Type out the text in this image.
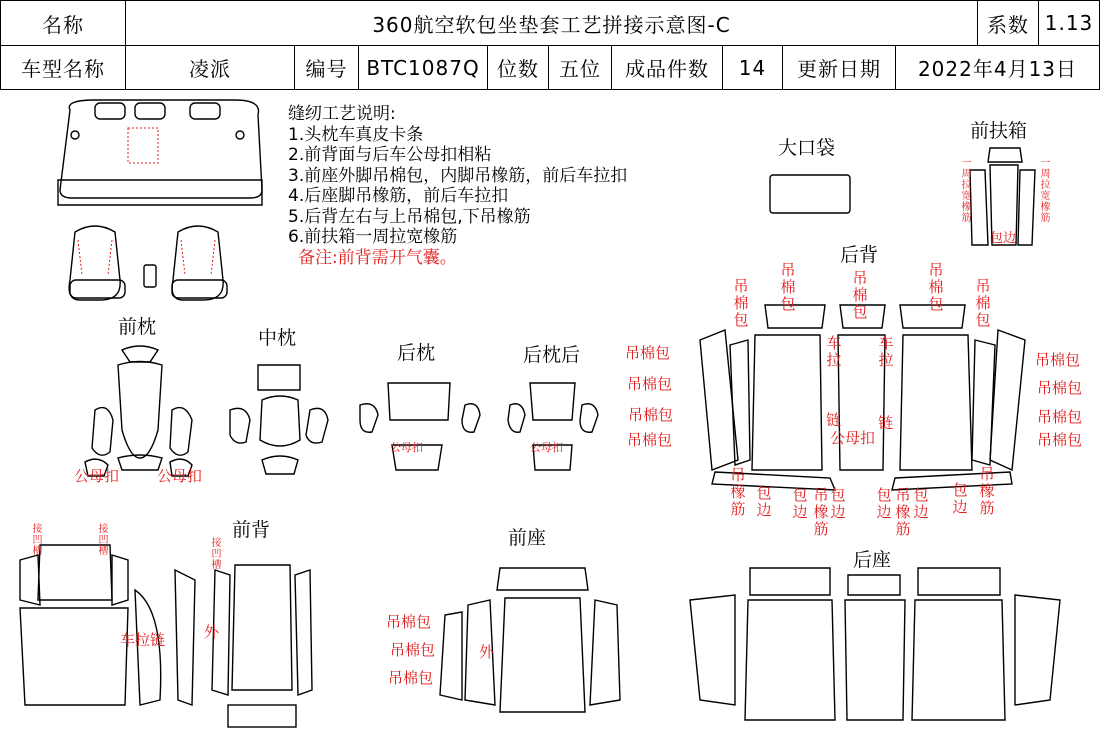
名称	360航空软包坐垫套工艺拼接示意图-C	系数 1.13
车型名称	凌派	编号 BTC1087Q 位数	五位	成品件数	14	更新日期	2022年4月13日
缝纫工艺说明:
1.头枕车真皮卡条
2.前背面与后车公母扣相粘
3.前座外脚吊棉包，内脚吊橡筋，前后车拉扣
4.后座脚吊橡筋，前后车拉扣
5.后背左右与上吊棉包,下吊橡筋
6.前扶箱一周拉宽橡筋
备注:前背需开气囊。
前枕	中枕
后枕	后枕后
大口袋
前扶箱
后背
前背	前座
后座
公母扣	公母扣
公母扣	公母扣
公母扣
一周拉宽橡筋
一周拉宽橡筋
包边
吊棉包
吊棉包
吊棉包
吊棉包
吊棉包
车拉
车拉
链 链
吊棉包
吊棉包
吊棉包
吊棉包
吊棉包
吊棉包
吊棉包
吊棉包
吊橡筋
包边
包边
吊橡筋
包边
包边
吊橡筋
包边
包边
吊橡筋
接凹槽
接凹槽
接凹槽
车拉链	外
吊棉包
吊棉包
吊棉包
外
